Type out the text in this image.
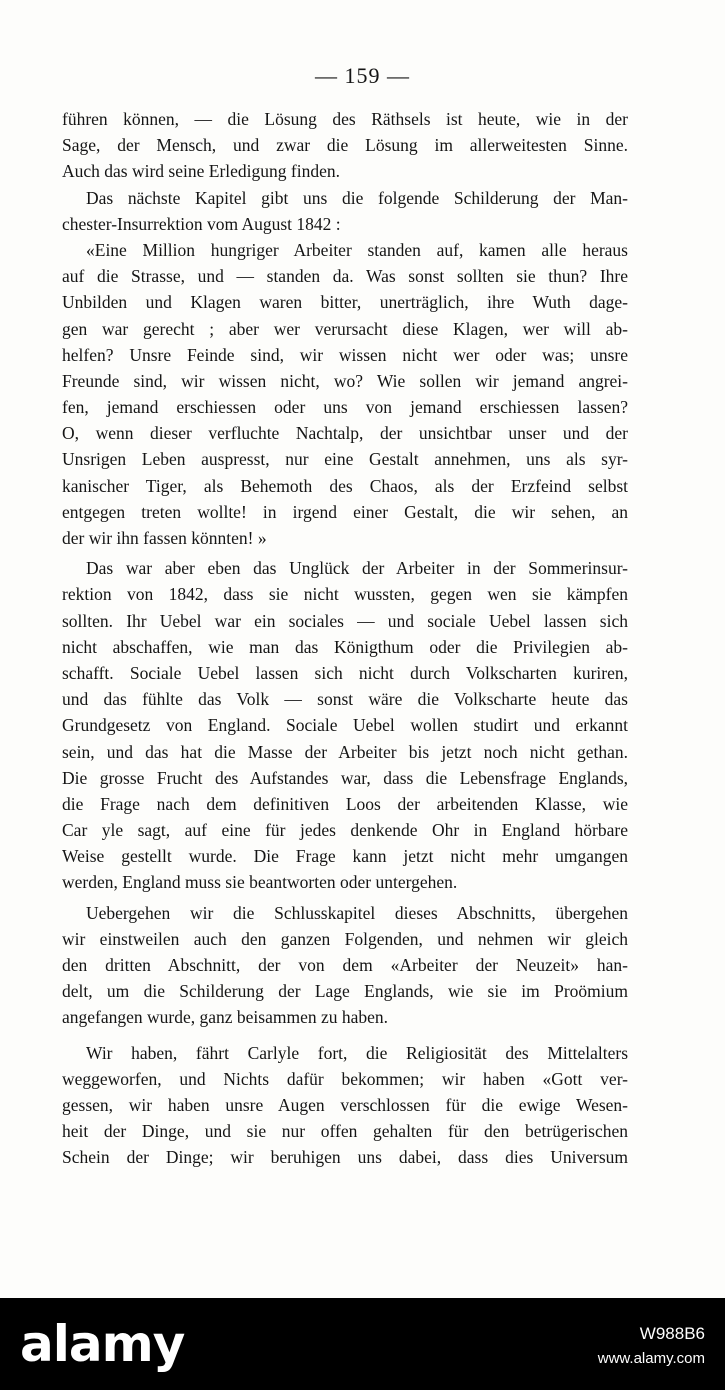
— 159 —
führen können, — die Lösung des Räthsels ist heute, wie in der
Sage, der Mensch, und zwar die Lösung im allerweitesten Sinne.
Auch das wird seine Erledigung finden.
Das nächste Kapitel gibt uns die folgende Schilderung der Man-
chester-Insurrektion vom August 1842 :
«Eine Million hungriger Arbeiter standen auf, kamen alle heraus
auf die Strasse, und — standen da. Was sonst sollten sie thun? Ihre
Unbilden und Klagen waren bitter, unerträglich, ihre Wuth dage-
gen war gerecht ; aber wer verursacht diese Klagen, wer will ab-
helfen? Unsre Feinde sind, wir wissen nicht wer oder was; unsre
Freunde sind, wir wissen nicht, wo? Wie sollen wir jemand angrei-
fen, jemand erschiessen oder uns von jemand erschiessen lassen?
O, wenn dieser verfluchte Nachtalp, der unsichtbar unser und der
Unsrigen Leben auspresst, nur eine Gestalt annehmen, uns als syr-
kanischer Tiger, als Behemoth des Chaos, als der Erzfeind selbst
entgegen treten wollte! in irgend einer Gestalt, die wir sehen, an
der wir ihn fassen könnten! »
Das war aber eben das Unglück der Arbeiter in der Sommerinsur-
rektion von 1842, dass sie nicht wussten, gegen wen sie kämpfen
sollten. Ihr Uebel war ein sociales — und sociale Uebel lassen sich
nicht abschaffen, wie man das Königthum oder die Privilegien ab-
schafft. Sociale Uebel lassen sich nicht durch Volkscharten kuriren,
und das fühlte das Volk — sonst wäre die Volkscharte heute das
Grundgesetz von England. Sociale Uebel wollen studirt und erkannt
sein, und das hat die Masse der Arbeiter bis jetzt noch nicht gethan.
Die grosse Frucht des Aufstandes war, dass die Lebensfrage Englands,
die Frage nach dem definitiven Loos der arbeitenden Klasse, wie
Car yle sagt, auf eine für jedes denkende Ohr in England hörbare
Weise gestellt wurde. Die Frage kann jetzt nicht mehr umgangen
werden, England muss sie beantworten oder untergehen.
Uebergehen wir die Schlusskapitel dieses Abschnitts, übergehen
wir einstweilen auch den ganzen Folgenden, und nehmen wir gleich
den dritten Abschnitt, der von dem «Arbeiter der Neuzeit» han-
delt, um die Schilderung der Lage Englands, wie sie im Proömium
angefangen wurde, ganz beisammen zu haben.
Wir haben, fährt Carlyle fort, die Religiosität des Mittelalters
weggeworfen, und Nichts dafür bekommen; wir haben «Gott ver-
gessen, wir haben unsre Augen verschlossen für die ewige Wesen-
heit der Dinge, und sie nur offen gehalten für den betrügerischen
Schein der Dinge; wir beruhigen uns dabei, dass dies Universum
alamy	W988B6
www.alamy.com
